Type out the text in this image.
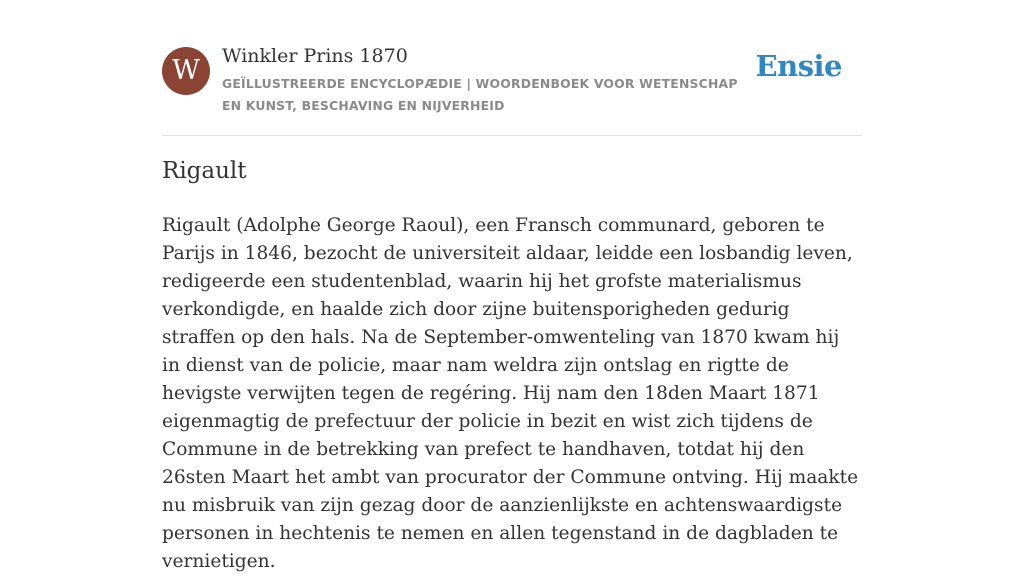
W	Winkler Prins 1870
GEÏLLUSTREERDE ENCYCLOPÆDIE | WOORDENBOEK VOOR WETENSCHAP EN KUNST, BESCHAVING EN NIJVERHEID
Ensie
Rigault

Rigault (Adolphe George Raoul), een Fransch communard, geboren te Parijs in 1846, bezocht de universiteit aldaar, leidde een losbandig leven, redigeerde een studentenblad, waarin hij het grofste materialismus verkondigde, en haalde zich door zijne buitensporigheden gedurig straffen op den hals. Na de September-omwenteling van 1870 kwam hij in dienst van de policie, maar nam weldra zijn ontslag en rigtte de hevigste verwijten tegen de regéring. Hij nam den 18den Maart 1871 eigenmagtig de prefectuur der policie in bezit en wist zich tijdens de Commune in de betrekking van prefect te handhaven, totdat hij den 26sten Maart het ambt van procurator der Commune ontving. Hij maakte nu misbruik van zijn gezag door de aanzienlijkste en achtenswaardigste personen in hechtenis te nemen en allen tegenstand in de dagbladen te vernietigen.
